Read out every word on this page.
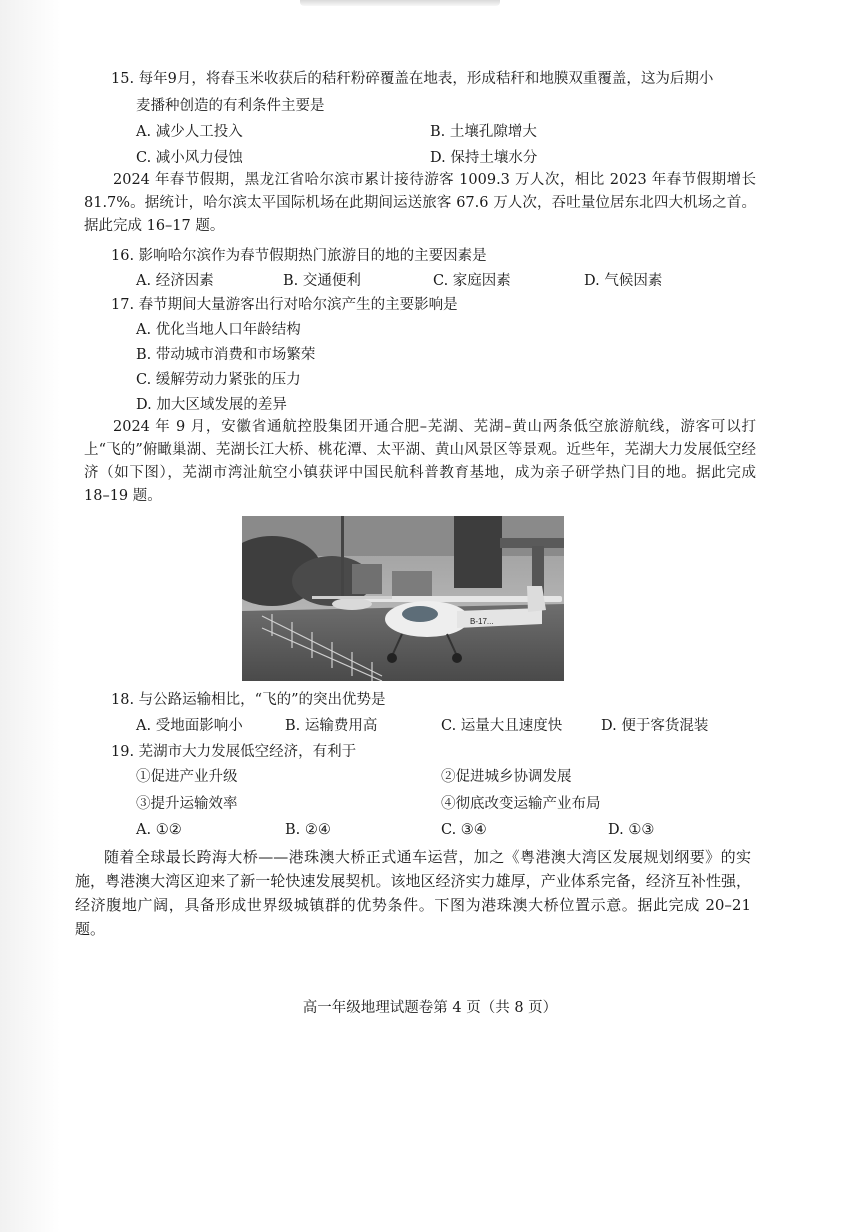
15. 每年9月，将春玉米收获后的秸秆粉碎覆盖在地表，形成秸秆和地膜双重覆盖，这为后期小
麦播种创造的有利条件主要是
A. 减少人工投入	B. 土壤孔隙增大
C. 减小风力侵蚀	D. 保持土壤水分
2024 年春节假期，黑龙江省哈尔滨市累计接待游客 1009.3 万人次，相比 2023 年春节假期增长 81.7%。据统计，哈尔滨太平国际机场在此期间运送旅客 67.6 万人次，吞吐量位居东北四大机场之首。据此完成 16–17 题。
16. 影响哈尔滨作为春节假期热门旅游目的地的主要因素是
A. 经济因素	B. 交通便利	C. 家庭因素	D. 气候因素
17. 春节期间大量游客出行对哈尔滨产生的主要影响是
A. 优化当地人口年龄结构
B. 带动城市消费和市场繁荣
C. 缓解劳动力紧张的压力
D. 加大区域发展的差异
2024 年 9 月，安徽省通航控股集团开通合肥–芜湖、芜湖–黄山两条低空旅游航线，游客可以打上“飞的”俯瞰巢湖、芜湖长江大桥、桃花潭、太平湖、黄山风景区等景观。近些年，芜湖大力发展低空经济（如下图），芜湖市湾沚航空小镇获评中国民航科普教育基地，成为亲子研学热门目的地。据此完成 18–19 题。
B-17...
18. 与公路运输相比，“飞的”的突出优势是
A. 受地面影响小	B. 运输费用高	C. 运量大且速度快	D. 便于客货混装
19. 芜湖市大力发展低空经济，有利于
①促进产业升级	②促进城乡协调发展
③提升运输效率	④彻底改变运输产业布局
A. ①②	B. ②④	C. ③④	D. ①③
随着全球最长跨海大桥——港珠澳大桥正式通车运营，加之《粤港澳大湾区发展规划纲要》的实施，粤港澳大湾区迎来了新一轮快速发展契机。该地区经济实力雄厚，产业体系完备，经济互补性强，经济腹地广阔，具备形成世界级城镇群的优势条件。下图为港珠澳大桥位置示意。据此完成 20–21 题。
高一年级地理试题卷第 4 页（共 8 页）
